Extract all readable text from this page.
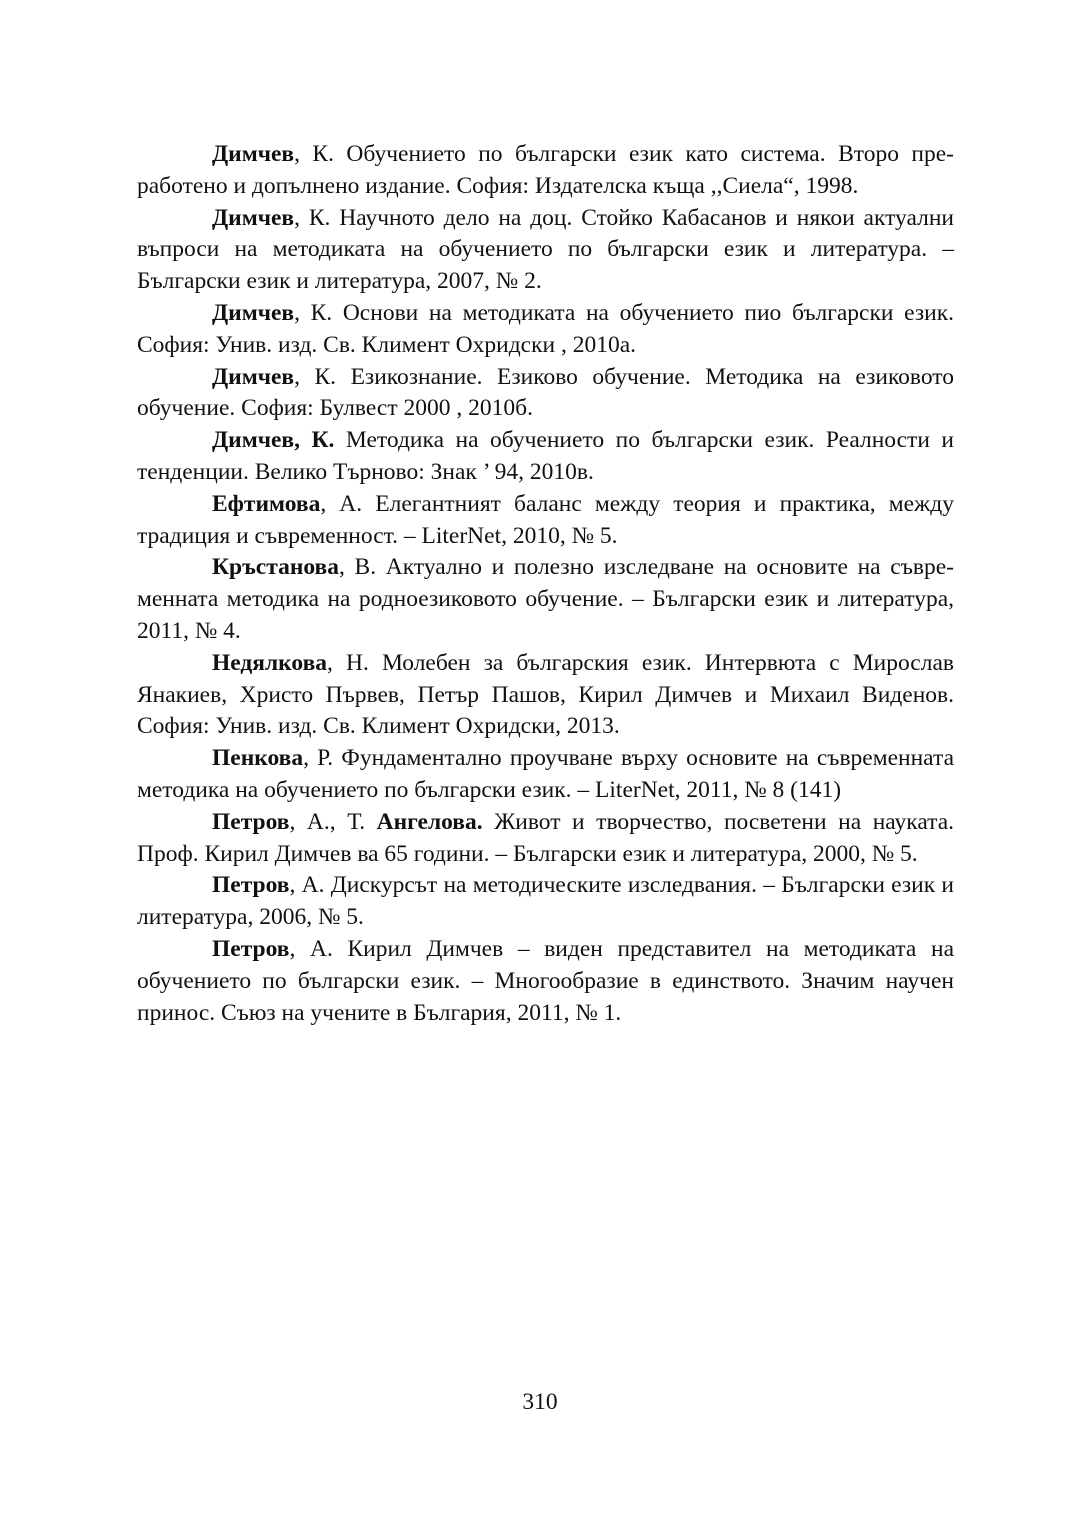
Димчев, К. Обучението по български език като система. Второ преработено и допълнено издание. София: Издателска къща ,,Сиела“, 1998.

Димчев, К. Научното дело на доц. Стойко Кабасанов и някои актуални въпроси на методиката на обучението по български език и литература. – Български език и литература, 2007, № 2.

Димчев, К. Основи на методиката на обучението пио български език. София: Унив. изд. Св. Климент Охридски , 2010а.

Димчев, К. Езикознание. Езиково обучение. Методика на езиковото обучение. София: Булвест 2000 , 2010б.

Димчев, К. Методика на обучението по български език. Реалности и тенденции. Велико Търново: Знак ’ 94, 2010в.

Ефтимова, А. Елегантният баланс между теория и практика, между традиция и съвременност. – LiterNet, 2010, № 5.

Кръстанова, В. Актуално и полезно изследване на основите на съвременната методика на родноезиковото обучение. – Български език и литература, 2011, № 4.

Недялкова, Н. Молебен за българския език. Интервюта с Мирослав Янакиев, Христо Първев, Петър Пашов, Кирил Димчев и Михаил Виденов. София: Унив. изд. Св. Климент Охридски, 2013.

Пенкова, Р. Фундаментално проучване върху основите на съвременната методика на обучението по български език. – LiterNet, 2011, № 8 (141)

Петров, А., Т. Ангелова. Живот и творчество, посветени на науката. Проф. Кирил Димчев ва 65 години. – Български език и литература, 2000, № 5.

Петров, А. Дискурсът на методическите изследвания. – Български език и литература, 2006, № 5.

Петров, А. Кирил Димчев – виден представител на методиката на обучението по български език. – Многообразие в единството. Значим научен принос. Съюз на учените в България, 2011, № 1.

310
